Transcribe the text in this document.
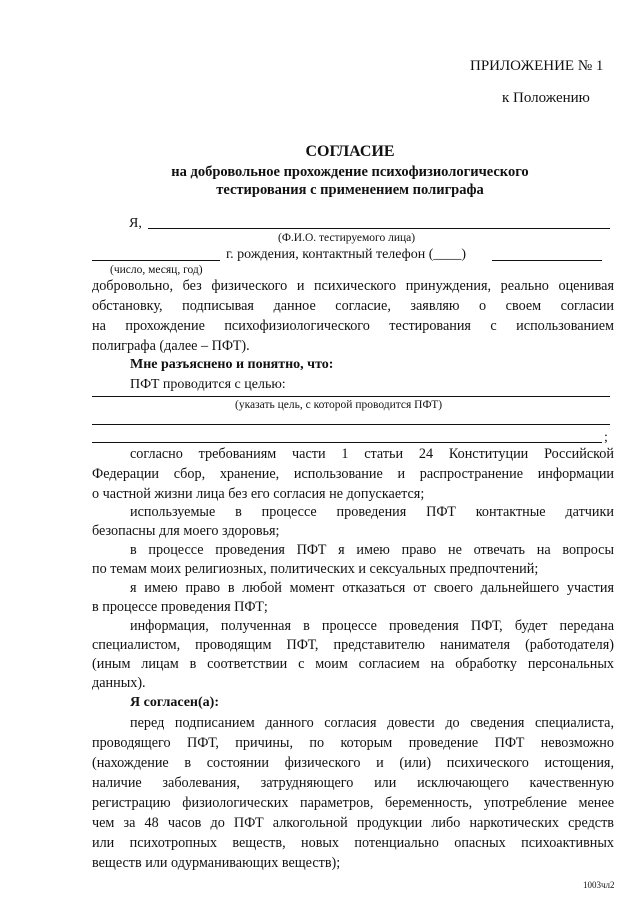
ПРИЛОЖЕНИЕ № 1
к Положению
СОГЛАСИЕ
на добровольное прохождение психофизиологического
тестирования с применением полиграфа
Я,
(Ф.И.О. тестируемого лица)
г. рождения, контактный телефон (____)
(число, месяц, год)
добровольно, без физического и психического принуждения, реально оценивая
обстановку, подписывая данное согласие, заявляю о своем согласии
на прохождение психофизиологического тестирования с использованием
полиграфа (далее – ПФТ).
Мне разъяснено и понятно, что:
ПФТ проводится с целью:
(указать цель, с которой проводится ПФТ)
;
согласно требованиям части 1 статьи 24 Конституции Российской
Федерации сбор, хранение, использование и распространение информации
о частной жизни лица без его согласия не допускается;
используемые в процессе проведения ПФТ контактные датчики
безопасны для моего здоровья;
в процессе проведения ПФТ я имею право не отвечать на вопросы
по темам моих религиозных, политических и сексуальных предпочтений;
я имею право в любой момент отказаться от своего дальнейшего участия
в процессе проведения ПФТ;
информация, полученная в процессе проведения ПФТ, будет передана
специалистом, проводящим ПФТ, представителю нанимателя (работодателя)
(иным лицам в соответствии с моим согласием на обработку персональных
данных).
Я согласен(а):
перед подписанием данного согласия довести до сведения специалиста,
проводящего ПФТ, причины, по которым проведение ПФТ невозможно
(нахождение в состоянии физического и (или) психического истощения,
наличие заболевания, затрудняющего или исключающего качественную
регистрацию физиологических параметров, беременность, употребление менее
чем за 48 часов до ПФТ алкогольной продукции либо наркотических средств
или психотропных веществ, новых потенциально опасных психоактивных
веществ или одурманивающих веществ);
1003чл2
